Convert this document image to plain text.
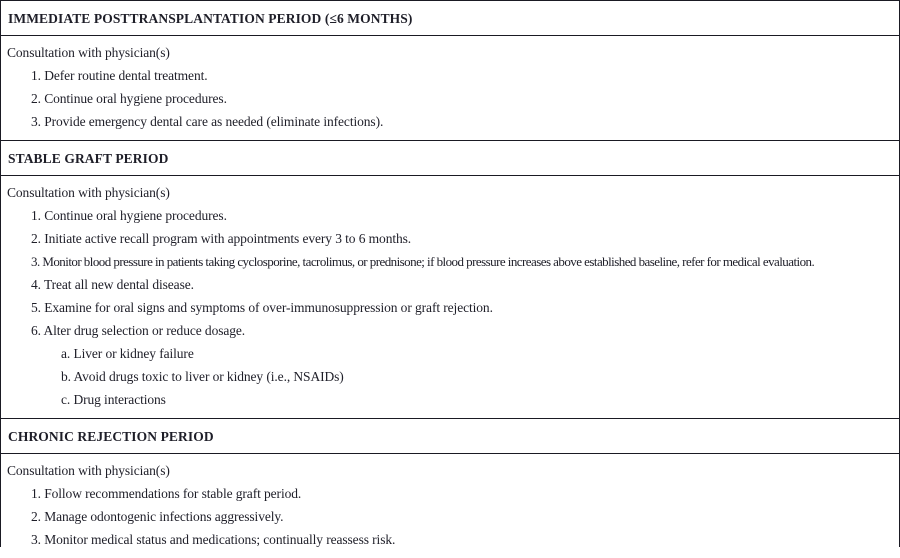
IMMEDIATE POSTTRANSPLANTATION PERIOD (≤6 MONTHS)
Consultation with physician(s)
1. Defer routine dental treatment.
2. Continue oral hygiene procedures.
3. Provide emergency dental care as needed (eliminate infections).
STABLE GRAFT PERIOD
Consultation with physician(s)
1. Continue oral hygiene procedures.
2. Initiate active recall program with appointments every 3 to 6 months.
3. Monitor blood pressure in patients taking cyclosporine, tacrolimus, or prednisone; if blood pressure increases above established baseline, refer for medical evaluation.
4. Treat all new dental disease.
5. Examine for oral signs and symptoms of over-immunosuppression or graft rejection.
6. Alter drug selection or reduce dosage.
a. Liver or kidney failure
b. Avoid drugs toxic to liver or kidney (i.e., NSAIDs)
c. Drug interactions
CHRONIC REJECTION PERIOD
Consultation with physician(s)
1. Follow recommendations for stable graft period.
2. Manage odontogenic infections aggressively.
3. Monitor medical status and medications; continually reassess risk.
